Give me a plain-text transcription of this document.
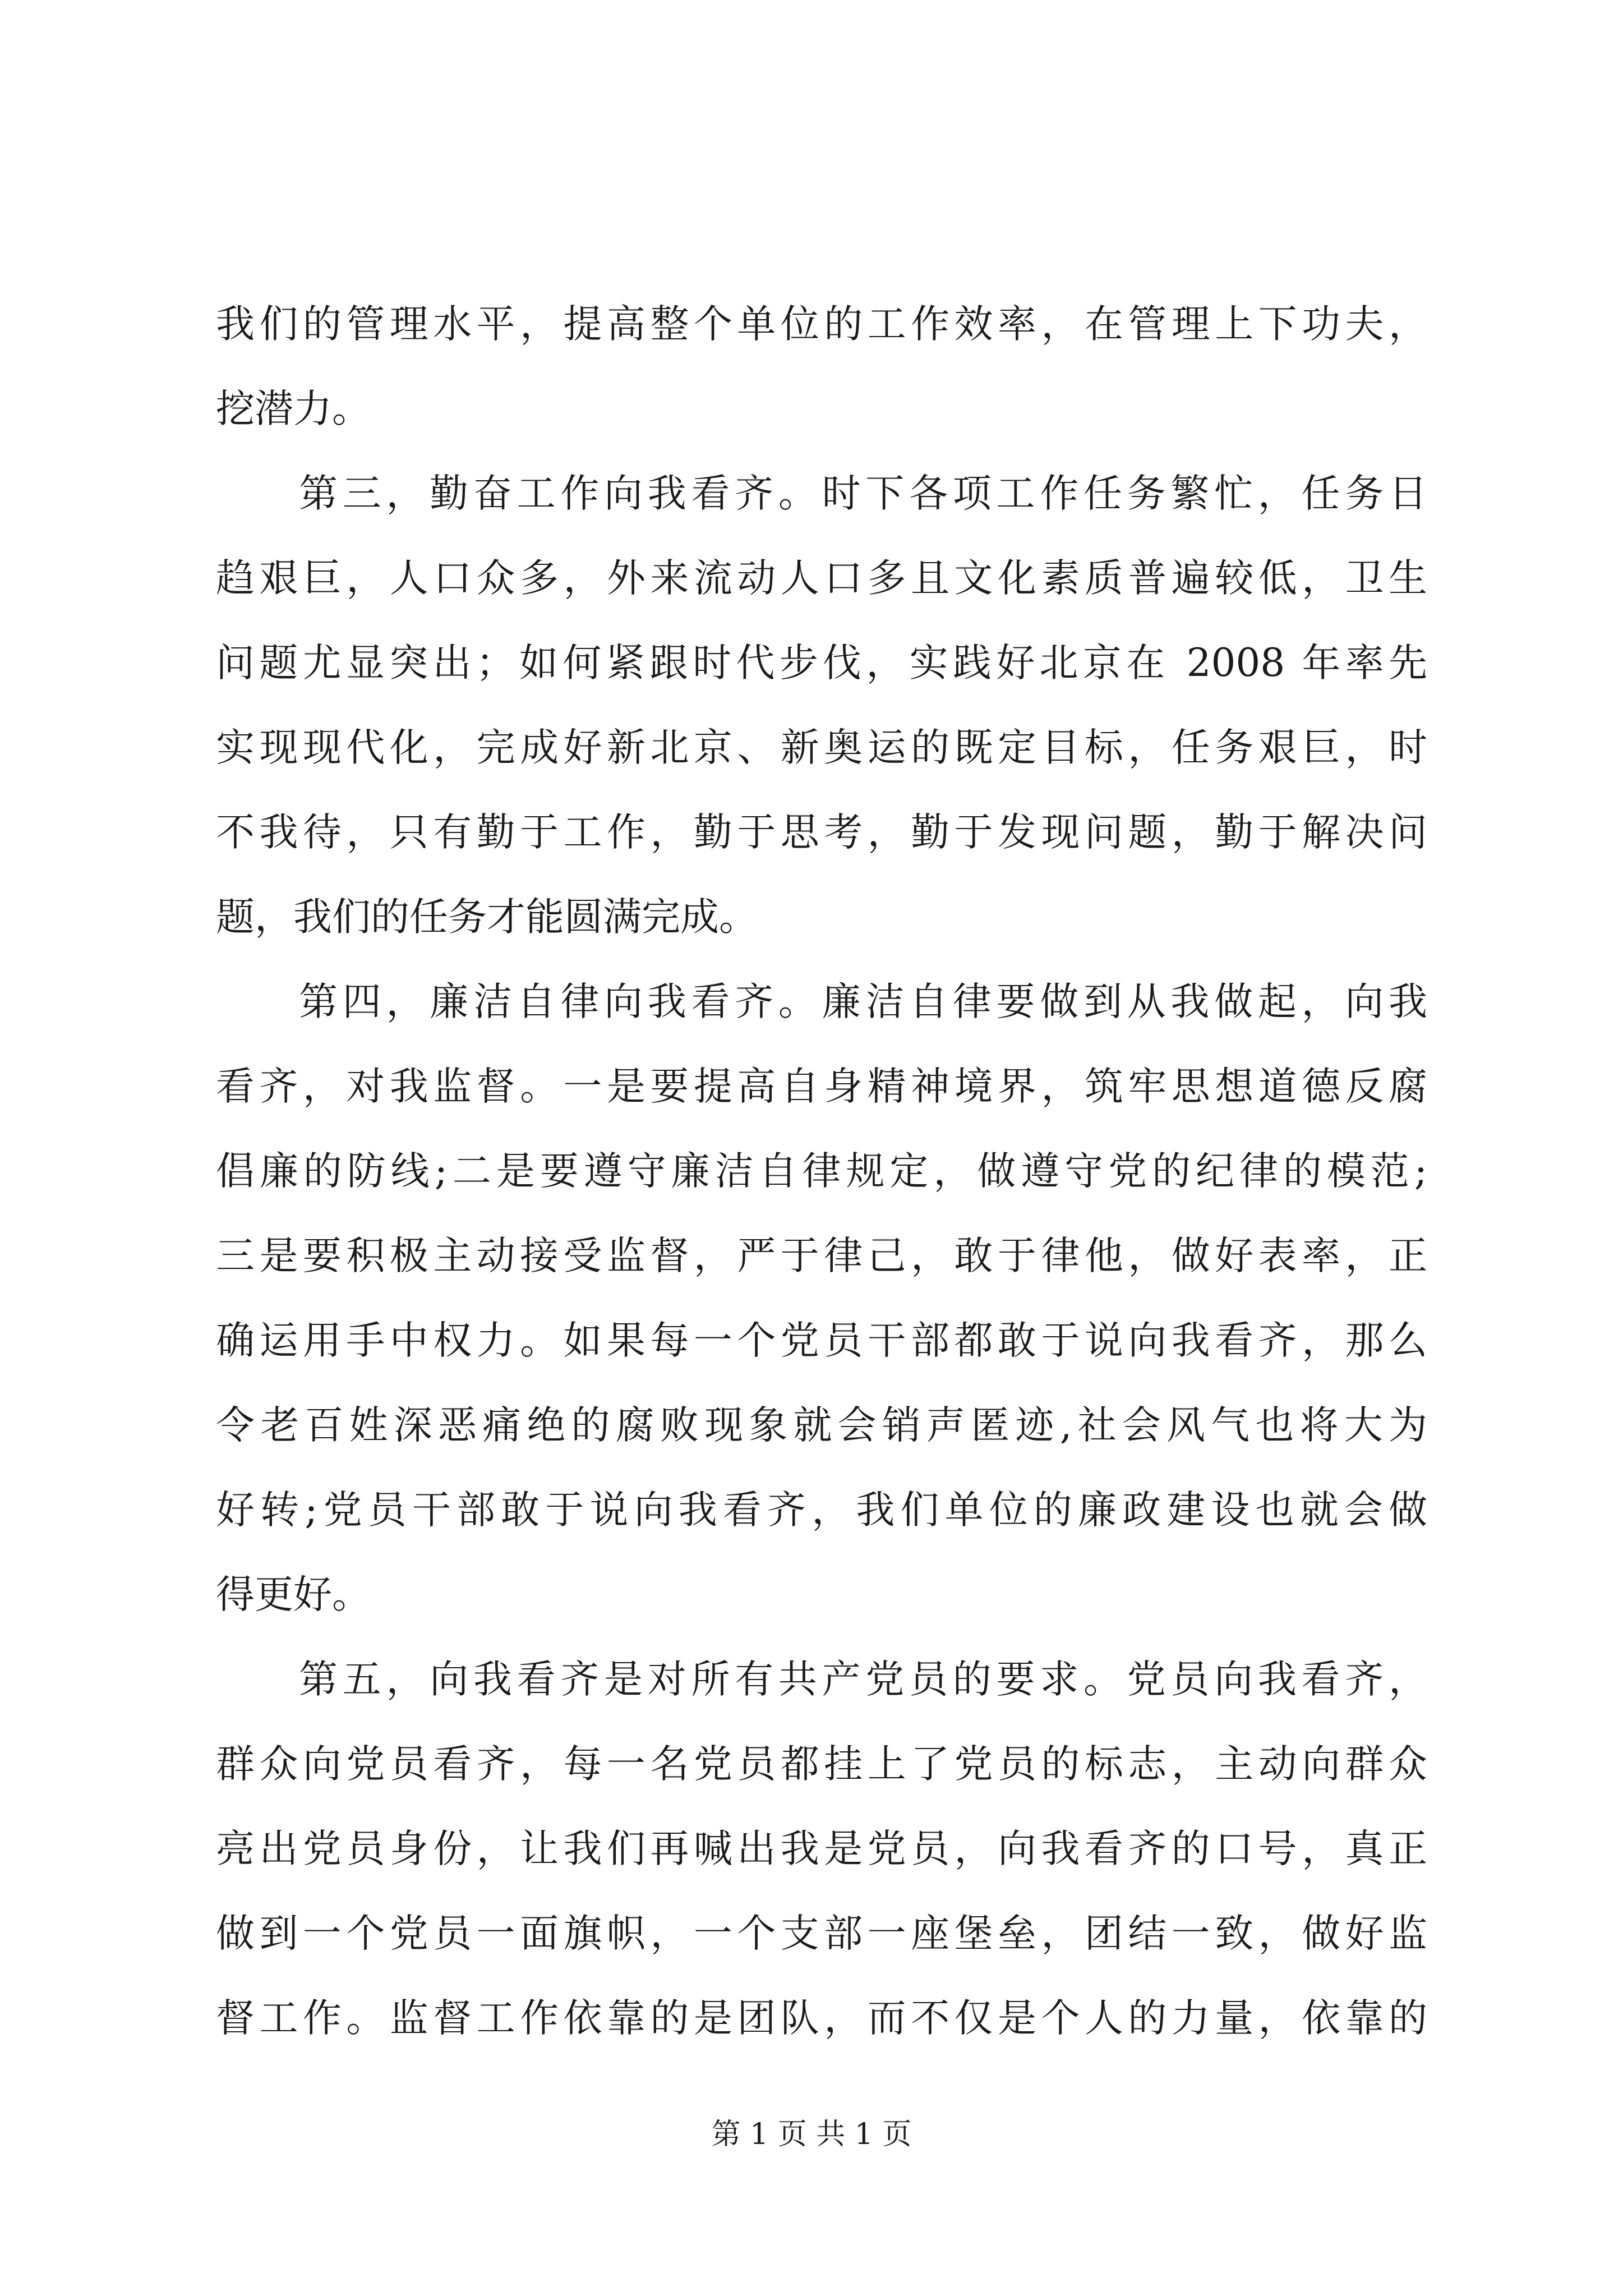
我们的管理水平，提高整个单位的工作效率，在管理上下功夫，
挖潜力。
第三，勤奋工作向我看齐。时下各项工作任务繁忙，任务日
趋艰巨，人口众多，外来流动人口多且文化素质普遍较低，卫生
问题尤显突出；如何紧跟时代步伐，实践好北京在 2008 年率先
实现现代化，完成好新北京、新奥运的既定目标，任务艰巨，时
不我待，只有勤于工作，勤于思考，勤于发现问题，勤于解决问
题，我们的任务才能圆满完成。
第四，廉洁自律向我看齐。廉洁自律要做到从我做起，向我
看齐，对我监督。一是要提高自身精神境界，筑牢思想道德反腐
倡廉的防线;二是要遵守廉洁自律规定，做遵守党的纪律的模范;
三是要积极主动接受监督，严于律己，敢于律他，做好表率，正
确运用手中权力。如果每一个党员干部都敢于说向我看齐，那么
令老百姓深恶痛绝的腐败现象就会销声匿迹,社会风气也将大为
好转;党员干部敢于说向我看齐，我们单位的廉政建设也就会做
得更好。
第五，向我看齐是对所有共产党员的要求。党员向我看齐，
群众向党员看齐，每一名党员都挂上了党员的标志，主动向群众
亮出党员身份，让我们再喊出我是党员，向我看齐的口号，真正
做到一个党员一面旗帜，一个支部一座堡垒，团结一致，做好监
督工作。监督工作依靠的是团队，而不仅是个人的力量，依靠的
第 1 页 共 1 页
